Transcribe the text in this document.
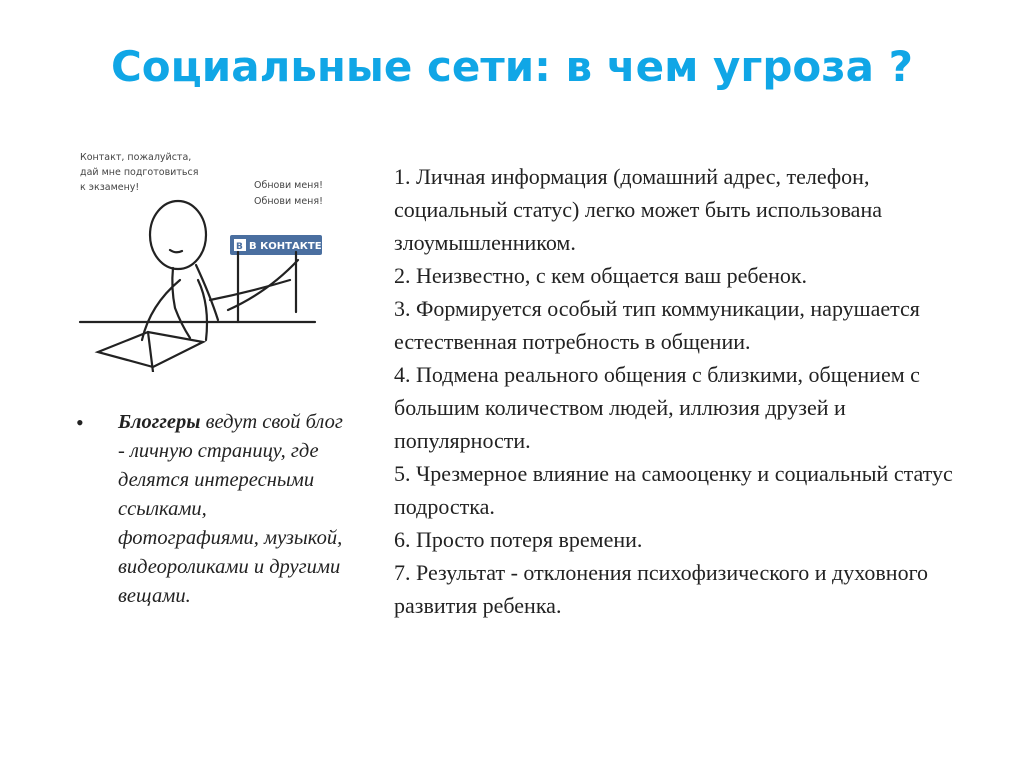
Социальные сети: в чем угроза ?
Контакт, пожалуйста,
дай мне подготовиться
к экзамену!	Обнови меня!
Обнови меня!
В В КОНТАКТЕ
• Блоггеры ведут свой блог - личную страницу, где делятся интересными ссылками, фотографиями, музыкой, видеороликами и другими вещами.

1. Личная информация (домашний адрес, телефон, социальный статус) легко может быть использована злоумышленником.

2. Неизвестно, с кем общается ваш ребенок.

3. Формируется особый тип коммуникации, нарушается естественная потребность в общении.

4. Подмена реального общения с близкими, общением с большим количеством людей, иллюзия друзей и популярности.

5. Чрезмерное влияние на самооценку и социальный статус подростка.

6. Просто потеря времени.

7. Результат - отклонения психофизического и духовного развития ребенка.
